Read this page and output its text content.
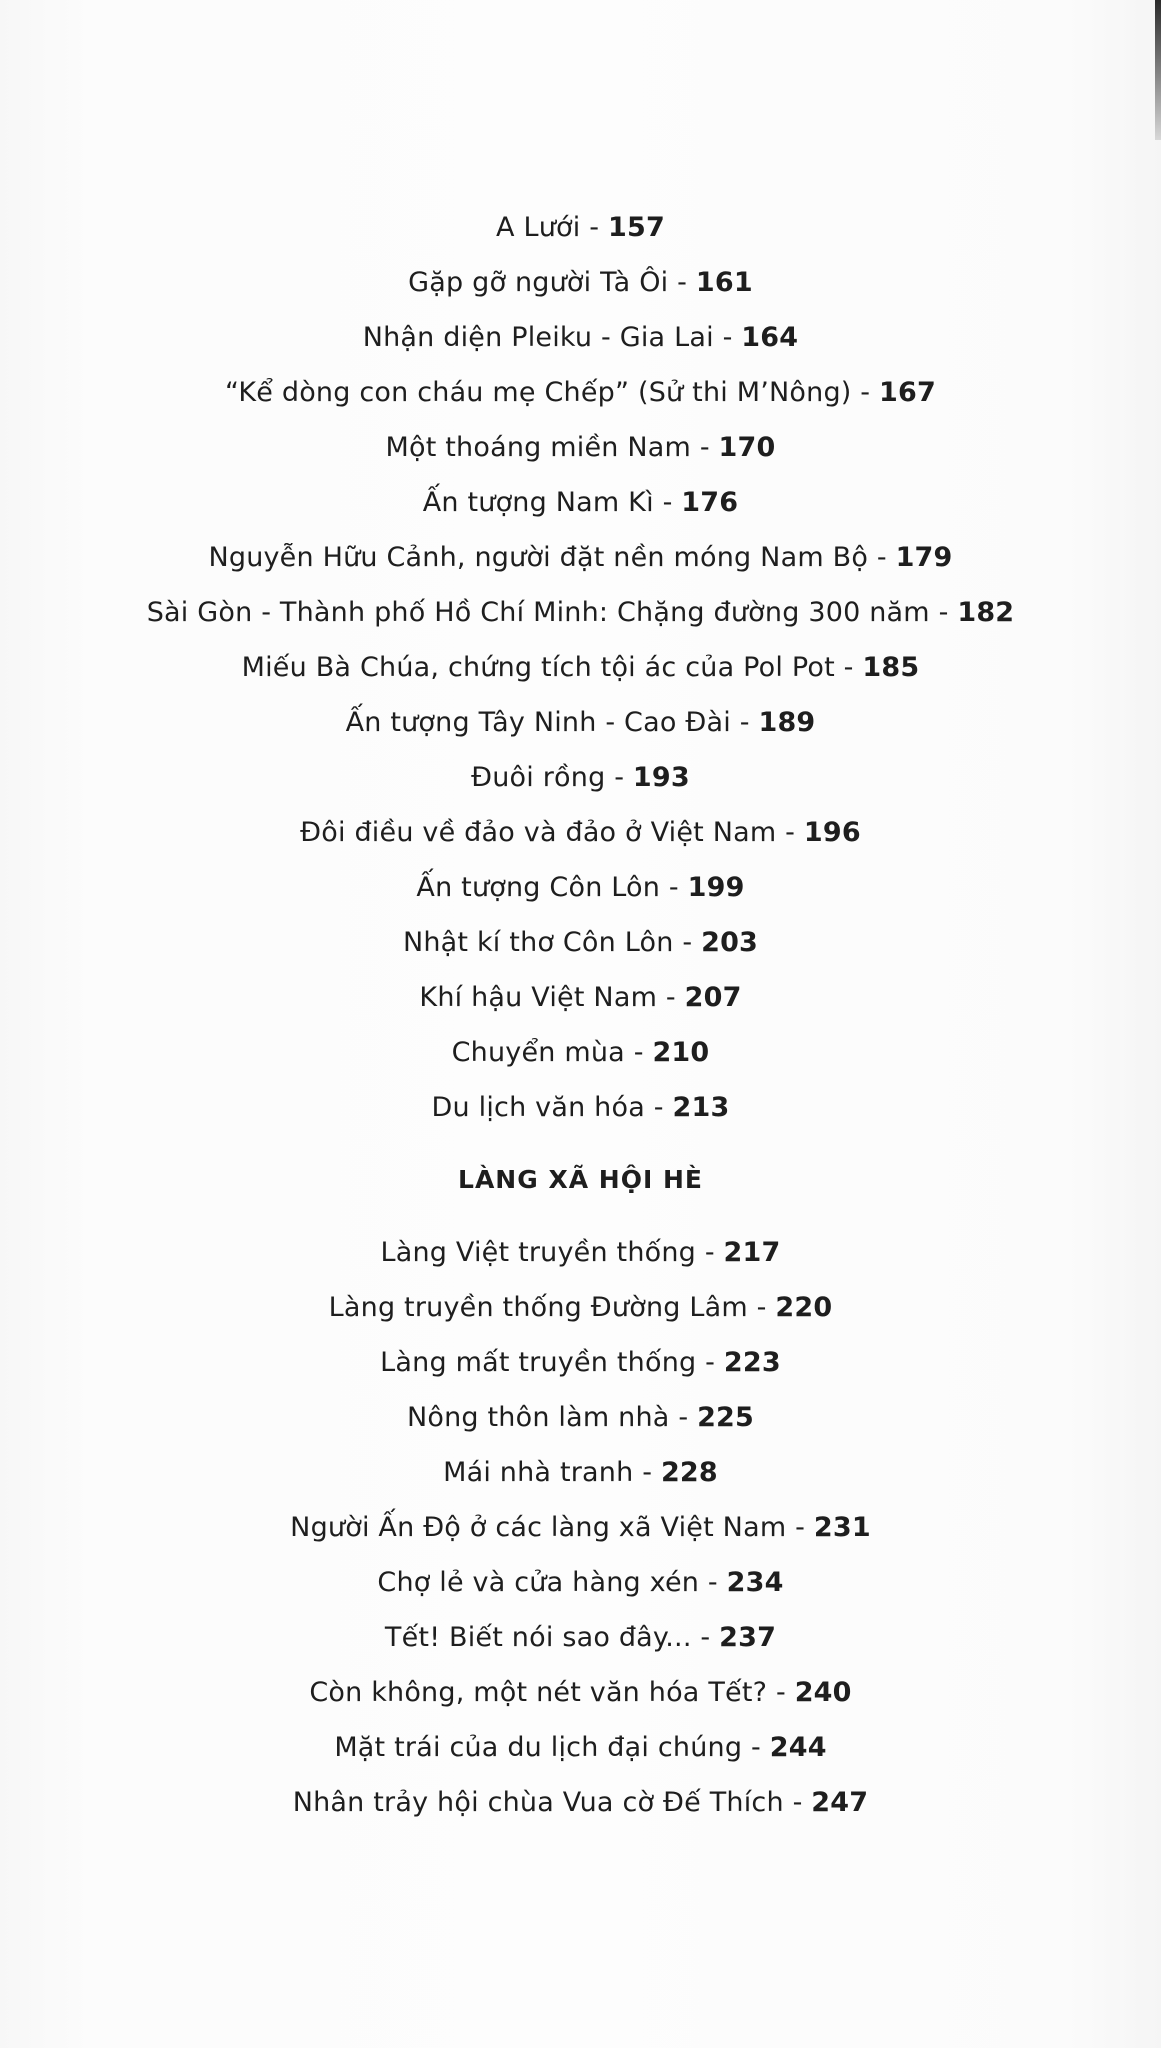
A Lưới - 157
Gặp gỡ người Tà Ôi - 161
Nhận diện Pleiku - Gia Lai - 164
“Kể dòng con cháu mẹ Chếp” (Sử thi M’Nông) - 167
Một thoáng miền Nam - 170
Ấn tượng Nam Kì - 176
Nguyễn Hữu Cảnh, người đặt nền móng Nam Bộ - 179
Sài Gòn - Thành phố Hồ Chí Minh: Chặng đường 300 năm - 182
Miếu Bà Chúa, chứng tích tội ác của Pol Pot - 185
Ấn tượng Tây Ninh - Cao Đài - 189
Đuôi rồng - 193
Đôi điều về đảo và đảo ở Việt Nam - 196
Ấn tượng Côn Lôn - 199
Nhật kí thơ Côn Lôn - 203
Khí hậu Việt Nam - 207
Chuyển mùa - 210
Du lịch văn hóa - 213
LÀNG XÃ HỘI HÈ
Làng Việt truyền thống - 217
Làng truyền thống Đường Lâm - 220
Làng mất truyền thống - 223
Nông thôn làm nhà - 225
Mái nhà tranh - 228
Người Ấn Độ ở các làng xã Việt Nam - 231
Chợ lẻ và cửa hàng xén - 234
Tết! Biết nói sao đây... - 237
Còn không, một nét văn hóa Tết? - 240
Mặt trái của du lịch đại chúng - 244
Nhân trảy hội chùa Vua cờ Đế Thích - 247
